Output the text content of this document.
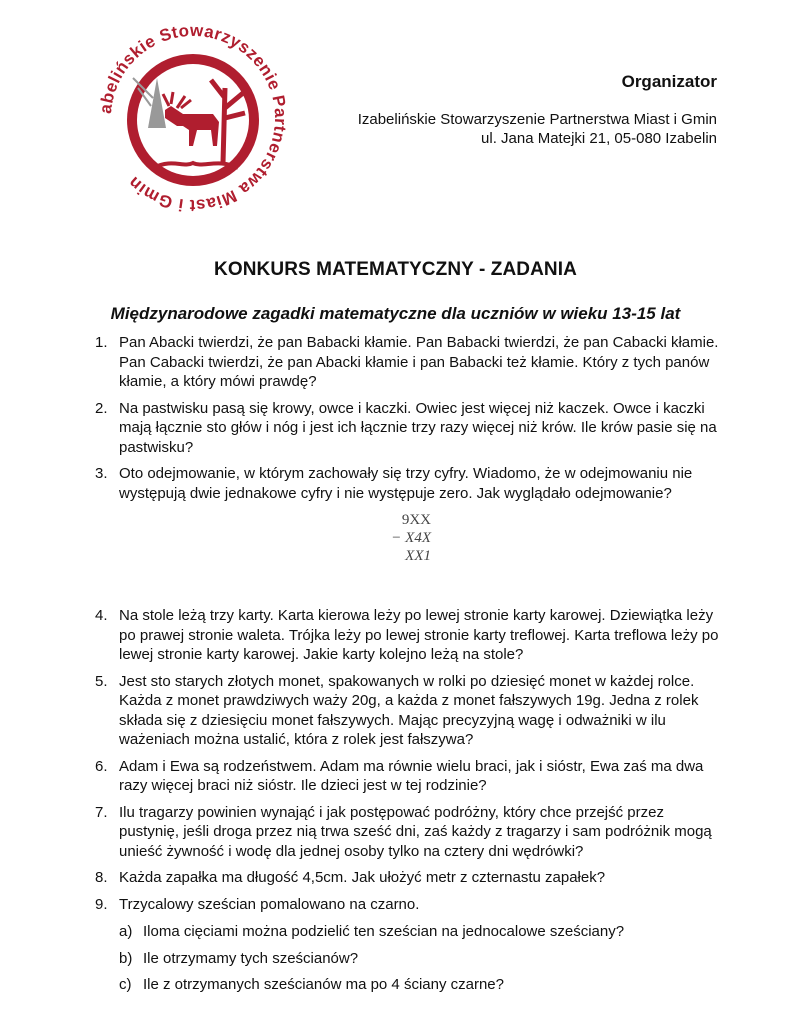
abelińskie Stowarzyszenie Partnerstwa Miast i Gmin
Organizator
Izabelińskie Stowarzyszenie Partnerstwa Miast i Gmin
ul. Jana Matejki 21, 05-080 Izabelin
KONKURS MATEMATYCZNY - ZADANIA
Międzynarodowe zagadki matematyczne dla uczniów w wieku 13-15 lat
1. Pan Abacki twierdzi, że pan Babacki kłamie. Pan Babacki twierdzi, że pan Cabacki kłamie. Pan Cabacki twierdzi, że pan Abacki kłamie i pan Babacki też kłamie. Który z tych panów kłamie, a który mówi prawdę?
2. Na pastwisku pasą się krowy, owce i kaczki. Owiec jest więcej niż kaczek. Owce i kaczki mają łącznie sto głów i nóg i jest ich łącznie trzy razy więcej niż krów. Ile krów pasie się na pastwisku?
3. Oto odejmowanie, w którym zachowały się trzy cyfry. Wiadomo, że w odejmowaniu nie występują dwie jednakowe cyfry i nie występuje zero. Jak wyglądało odejmowanie?
9XX
− X4X
XX1
4. Na stole leżą trzy karty. Karta kierowa leży po lewej stronie karty karowej. Dziewiątka leży po prawej stronie waleta. Trójka leży po lewej stronie karty treflowej. Karta treflowa leży po lewej stronie karty karowej. Jakie karty kolejno leżą na stole?
5. Jest sto starych złotych monet, spakowanych w rolki po dziesięć monet w każdej rolce. Każda z monet prawdziwych waży 20g, a każda z monet fałszywych 19g. Jedna z rolek składa się z dziesięciu monet fałszywych. Mając precyzyjną wagę i odważniki w ilu ważeniach można ustalić, która z rolek jest fałszywa?
6. Adam i Ewa są rodzeństwem. Adam ma równie wielu braci, jak i sióstr, Ewa zaś ma dwa razy więcej braci niż sióstr. Ile dzieci jest w tej rodzinie?
7. Ilu tragarzy powinien wynająć i jak postępować podróżny, który chce przejść przez pustynię, jeśli droga przez nią trwa sześć dni, zaś każdy z tragarzy i sam podróżnik mogą unieść żywność i wodę dla jednej osoby tylko na cztery dni wędrówki?
8. Każda zapałka ma długość 4,5cm. Jak ułożyć metr z czternastu zapałek?
9. Trzycalowy sześcian pomalowano na czarno.
a) Iloma cięciami można podzielić ten sześcian na jednocalowe sześciany?
b) Ile otrzymamy tych sześcianów?
c) Ile z otrzymanych sześcianów ma po 4 ściany czarne?
